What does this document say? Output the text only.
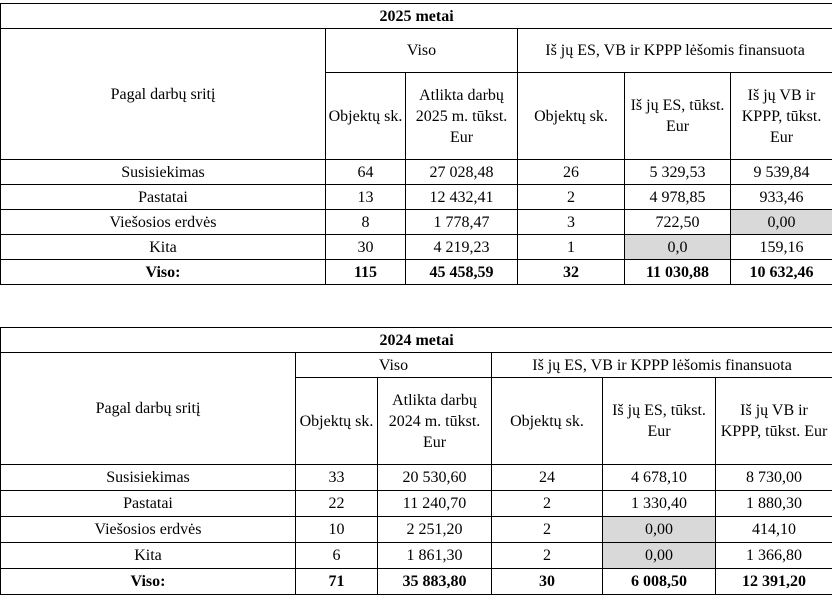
2025 metai					
Pagal darbų sritį	Viso		Iš jų ES, VB ir KPPP lėšomis finansuota		
	Objektų sk.	Atlikta darbų 2025 m. tūkst. Eur	Objektų sk.	Iš jų ES, tūkst. Eur	Iš jų VB ir KPPP, tūkst. Eur
Susisiekimas	64	27 028,48	26	5 329,53	9 539,84
Pastatai	13	12 432,41	2	4 978,85	933,46
Viešosios erdvės	8	1 778,47	3	722,50	0,00
Kita	30	4 219,23	1	0,0	159,16
Viso:	115	45 458,59	32	11 030,88	10 632,46
2024 metai					
Pagal darbų sritį	Viso		Iš jų ES, VB ir KPPP lėšomis finansuota		
	Objektų sk.	Atlikta darbų 2024 m. tūkst. Eur	Objektų sk.	Iš jų ES, tūkst. Eur	Iš jų VB ir KPPP, tūkst. Eur
Susisiekimas	33	20 530,60	24	4 678,10	8 730,00
Pastatai	22	11 240,70	2	1 330,40	1 880,30
Viešosios erdvės	10	2 251,20	2	0,00	414,10
Kita	6	1 861,30	2	0,00	1 366,80
Viso:	71	35 883,80	30	6 008,50	12 391,20
